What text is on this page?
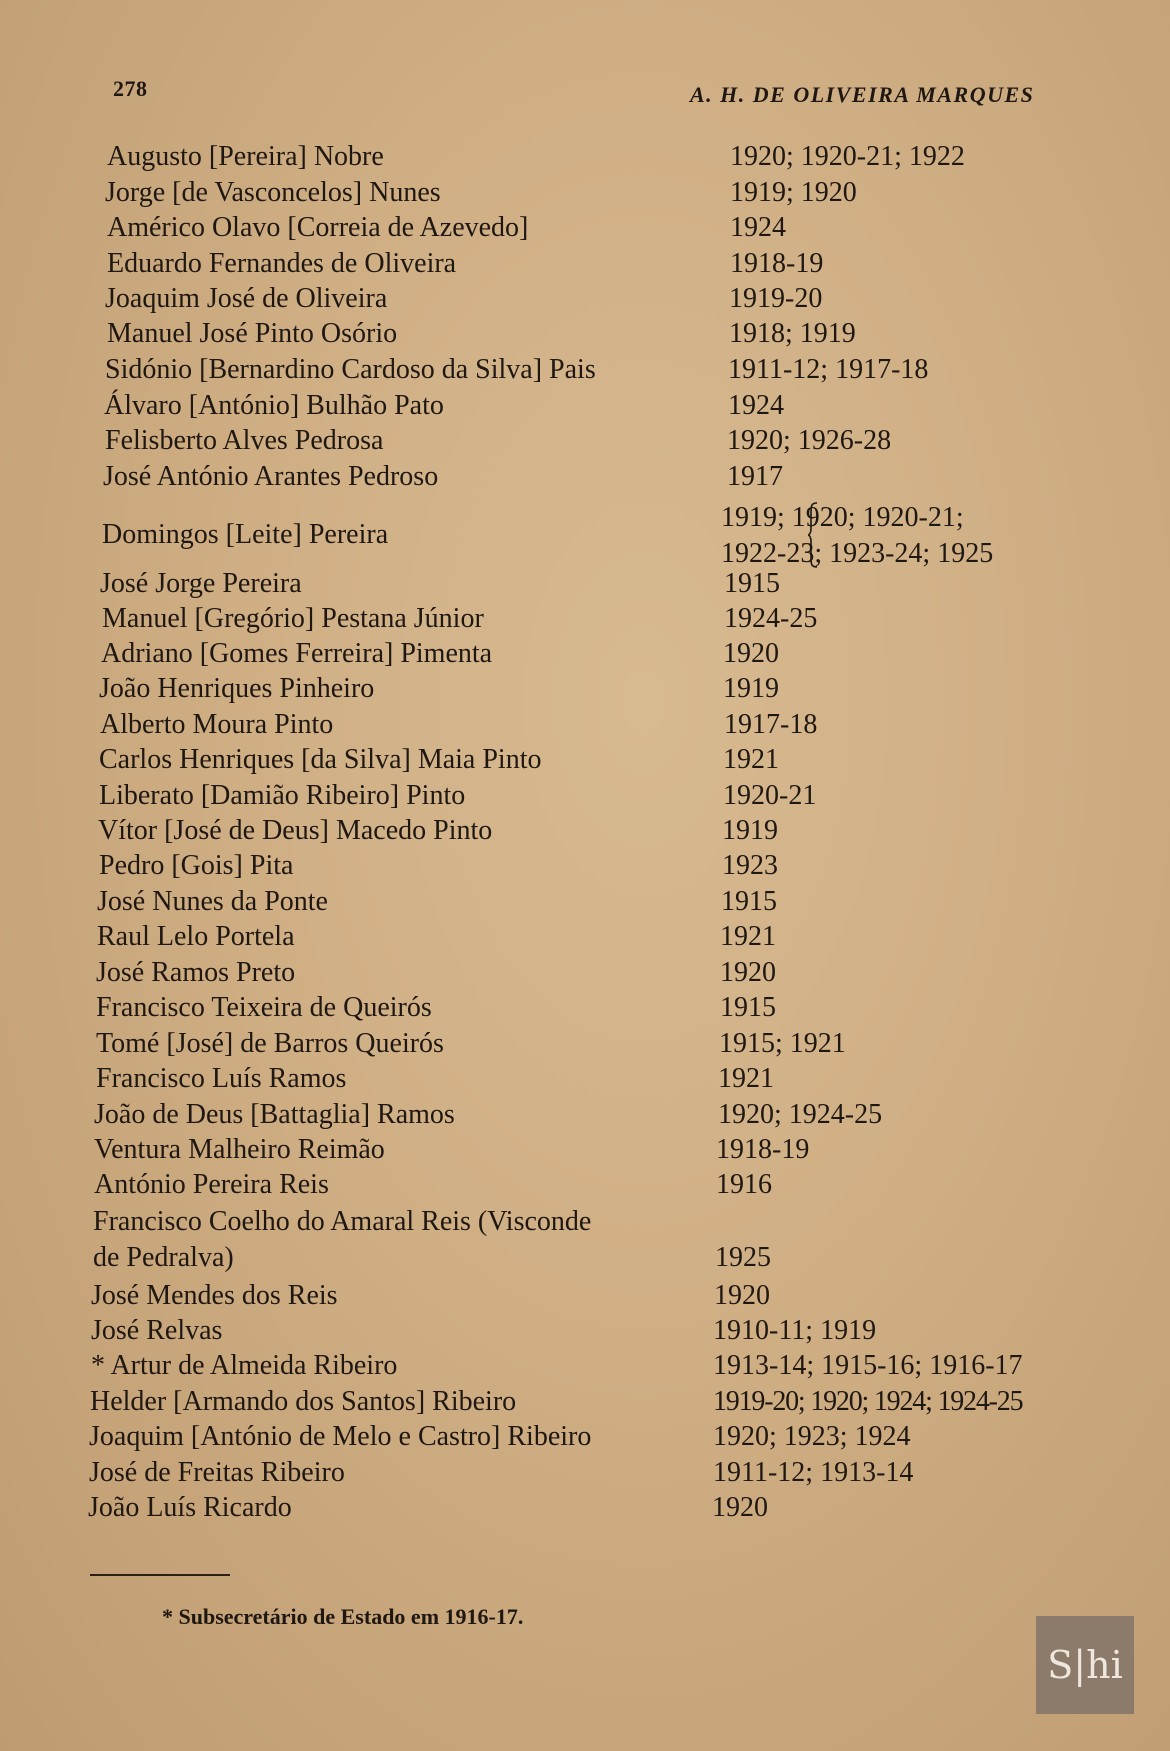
278	A. H. DE OLIVEIRA MARQUES
Augusto [Pereira] Nobre	1920; 1920-21; 1922
Jorge [de Vasconcelos] Nunes	1919; 1920
Américo Olavo [Correia de Azevedo]	1924
Eduardo Fernandes de Oliveira	1918-19
Joaquim José de Oliveira	1919-20
Manuel José Pinto Osório	1918; 1919
Sidónio [Bernardino Cardoso da Silva] Pais	1911-12; 1917-18
Álvaro [António] Bulhão Pato	1924
Felisberto Alves Pedrosa	1920; 1926-28
José António Arantes Pedroso	1917
Domingos [Leite] Pereira
1919; 1920; 1920-21;
1922-23; 1923-24; 1925
José Jorge Pereira	1915
Manuel [Gregório] Pestana Júnior	1924-25
Adriano [Gomes Ferreira] Pimenta	1920
João Henriques Pinheiro	1919
Alberto Moura Pinto	1917-18
Carlos Henriques [da Silva] Maia Pinto	1921
Liberato [Damião Ribeiro] Pinto	1920-21
Vítor [José de Deus] Macedo Pinto	1919
Pedro [Gois] Pita	1923
José Nunes da Ponte	1915
Raul Lelo Portela	1921
José Ramos Preto	1920
Francisco Teixeira de Queirós	1915
Tomé [José] de Barros Queirós	1915; 1921
Francisco Luís Ramos	1921
João de Deus [Battaglia] Ramos	1920; 1924-25
Ventura Malheiro Reimão	1918-19
António Pereira Reis	1916
Francisco Coelho do Amaral Reis (Visconde
de Pedralva)	1925
José Mendes dos Reis	1920
José Relvas	1910-11; 1919
* Artur de Almeida Ribeiro	1913-14; 1915-16; 1916-17
Helder [Armando dos Santos] Ribeiro	1919-20; 1920; 1924; 1924-25
Joaquim [António de Melo e Castro] Ribeiro	1920; 1923; 1924
José de Freitas Ribeiro	1911-12; 1913-14
João Luís Ricardo	1920
* Subsecretário de Estado em 1916-17.
S|hi
